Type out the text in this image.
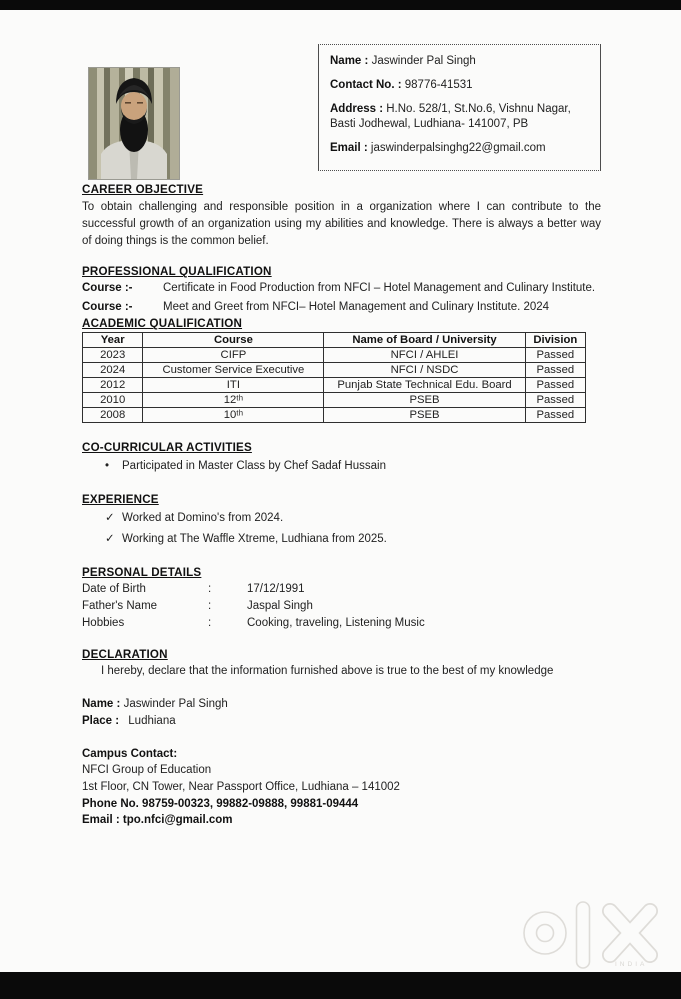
Name : Jaswinder Pal Singh
Contact No. : 98776-41531
Address : H.No. 528/1, St.No.6, Vishnu Nagar, Basti Jodhewal, Ludhiana- 141007, PB
Email : jaswinderpalsinghg22@gmail.com
CAREER OBJECTIVE
To obtain challenging and responsible position in a organization where I can contribute to the successful growth of an organization using my abilities and knowledge. There is always a better way of doing things is the common belief.
PROFESSIONAL QUALIFICATION
Course :-	Certificate in Food Production from NFCI – Hotel Management and Culinary Institute.
Course :-	Meet and Greet from NFCI– Hotel Management and Culinary Institute. 2024
ACADEMIC QUALIFICATION
Year	Course	Name of Board / University	Division
2023	CIFP	NFCI / AHLEI	Passed
2024	Customer Service Executive	NFCI / NSDC	Passed
2012	ITI	Punjab State Technical Edu. Board	Passed
2010	12ᵗʰ	PSEB	Passed
2008	10ᵗʰ	PSEB	Passed
CO-CURRICULAR ACTIVITIES
•	Participated in Master Class by Chef Sadaf Hussain
EXPERIENCE
✓ Worked at Domino's from 2024.
✓ Working at The Waffle Xtreme, Ludhiana from 2025.
PERSONAL DETAILS
Date of Birth	:	17/12/1991
Father's Name	:	Jaspal Singh
Hobbies	:	Cooking, traveling, Listening Music
DECLARATION
I hereby, declare that the information furnished above is true to the best of my knowledge
Name : Jaswinder Pal Singh
Place : Ludhiana
Campus Contact:
NFCI Group of Education
1st Floor, CN Tower, Near Passport Office, Ludhiana – 141002
Phone No. 98759-00323, 99882-09888, 99881-09444
Email : tpo.nfci@gmail.com
INDIA
